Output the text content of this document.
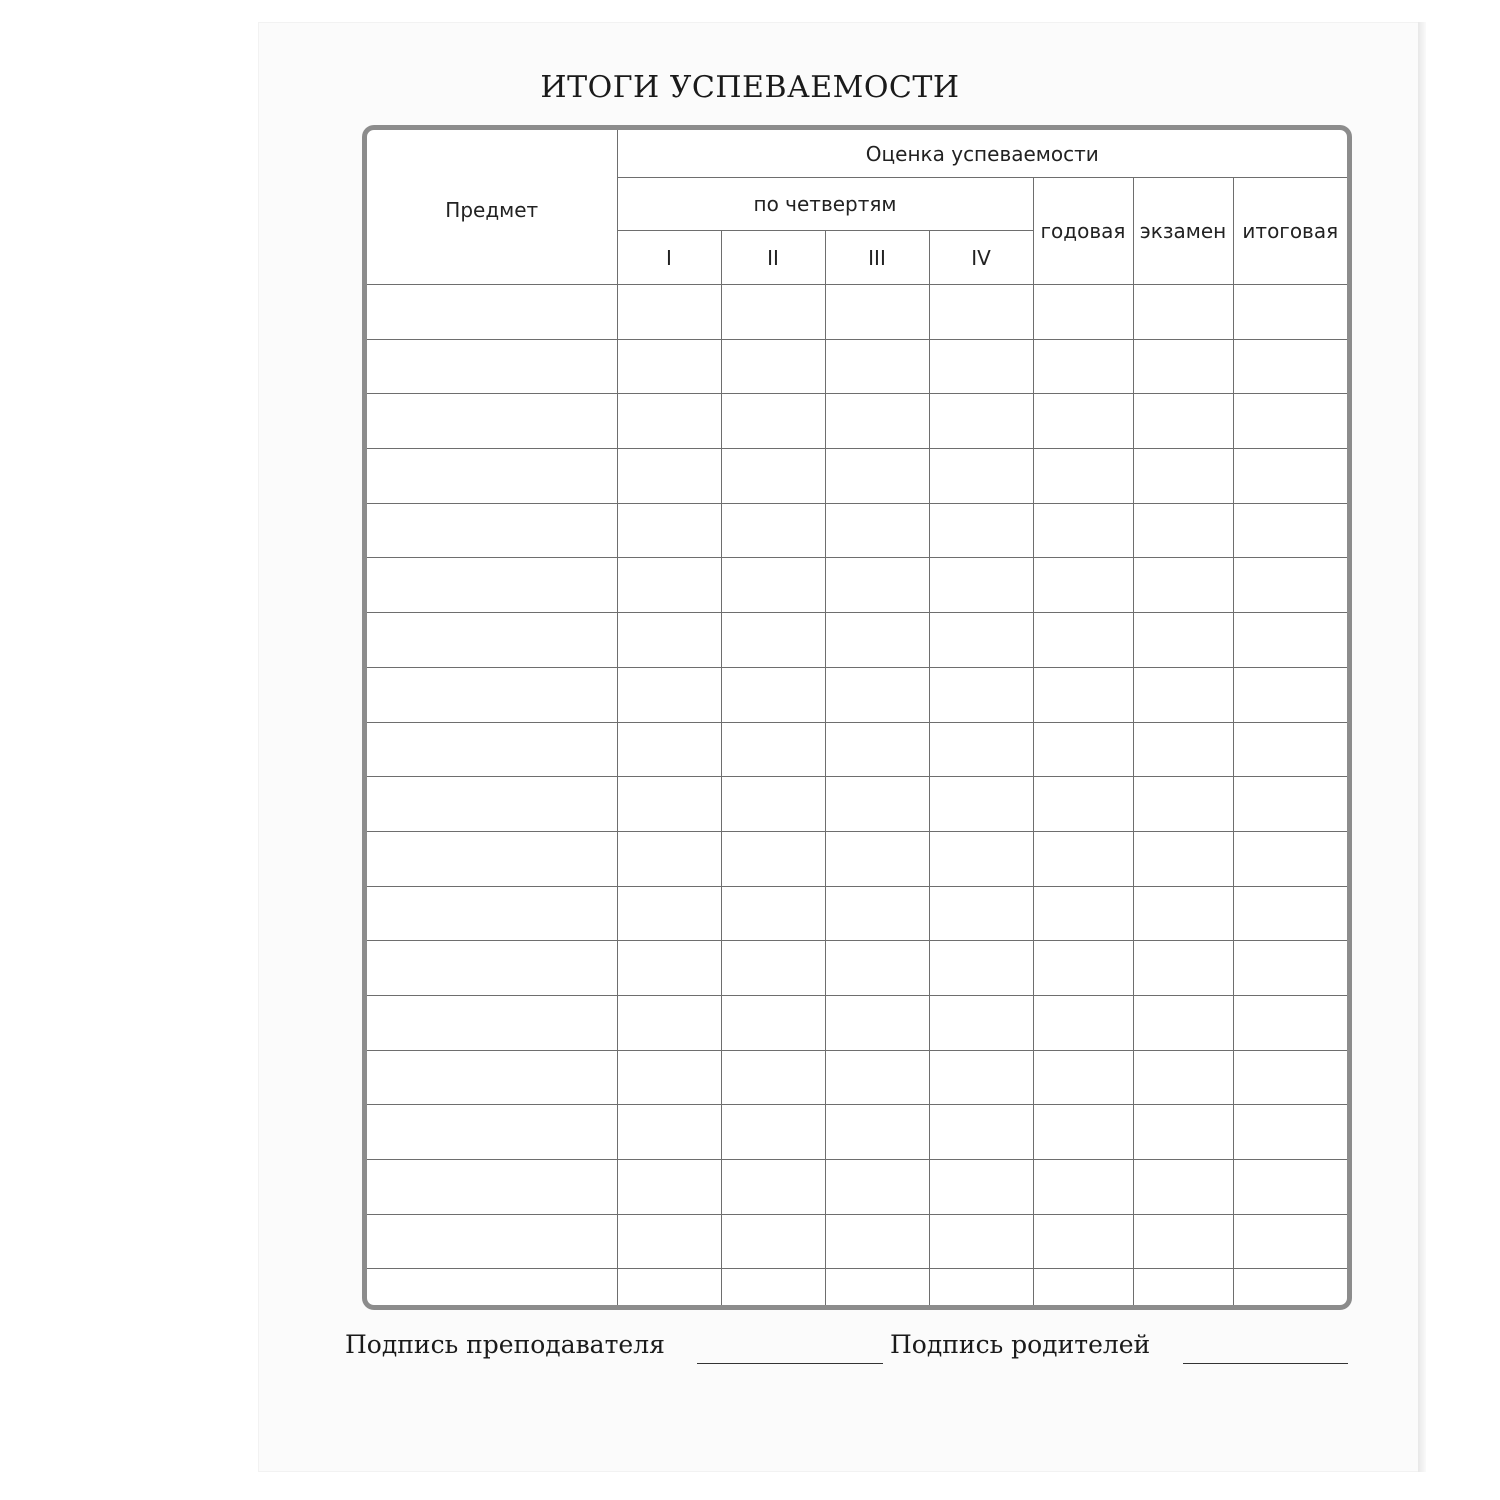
ИТОГИ УСПЕВАЕМОСТИ
Предмет	Оценка успеваемости						
	по четвертям				годовая	экзамен	итоговая
	I	II	III	IV			

Подпись преподавателя	Подпись родителей
